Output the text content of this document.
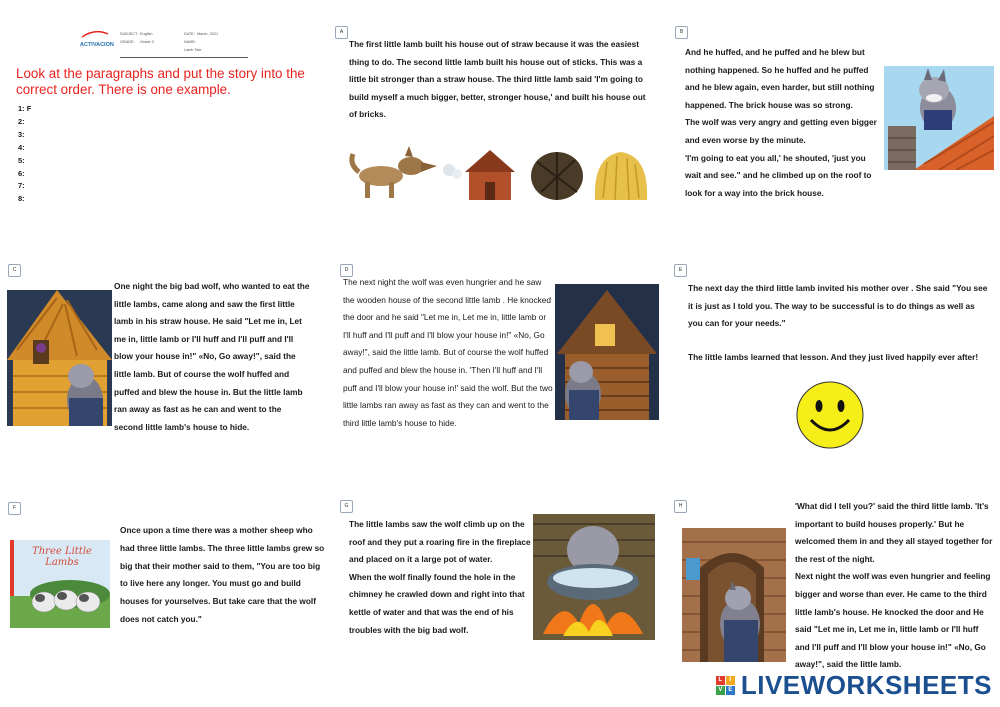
ACTIVACION
SUBJECT: English	DATE: March, 2021
GRADE: Grade 3	NAME:
Lamb Tale

Look at the paragraphs and put the story into the correct order. There is one example.

1: F
2:
3:
4:
5:
6:
7:
8:
A

The first little lamb built his house out of straw because it was the easiest thing to do. The second little lamb built his house out of sticks. This was a little bit stronger than a straw house. The third little lamb said 'I'm going to build myself a much bigger, better, stronger house,' and built his house out of bricks.

B

And he huffed, and he puffed and he blew but nothing happened. So he huffed and he puffed and he blew again, even harder, but still nothing happened. The brick house was so strong.

The wolf was very angry and getting even bigger and even worse by the minute.

'I'm going to eat you all,' he shouted, 'just you wait and see." and he climbed up on the roof to look for a way into the brick house.

C

One night the big bad wolf, who wanted to eat the little lambs, came along and saw the first little lamb in his straw house. He said "Let me in, Let me in, little lamb or I'll huff and I'll puff and I'll blow your house in!" «No, Go away!", said the little lamb. But of course the wolf huffed and puffed and blew the house in. But the little lamb ran away as fast as he can and went to the second little lamb's house to hide.

D

The next night the wolf was even hungrier and he saw the wooden house of the second little lamb . He knocked the door and he said "Let me in, Let me in, little lamb or I'll huff and I'll puff and I'll blow your house in!" «No, Go away!", said the little lamb. But of course the wolf huffed and puffed and blew the house in. 'Then I'll huff and I'll puff and I'll blow your house in!' said the wolf. But the two little lambs ran away as fast as they can and went to the third little lamb's house to hide.

E

The next day the third little lamb invited his mother over . She said "You see it is just as I told you. The way to be successful is to do things as well as you can for your needs."

The little lambs learned that lesson. And they just lived happily ever after!

F
Three Little Lambs

Once upon a time there was a mother sheep who had three little lambs. The three little lambs grew so big that their mother said to them, "You are too big to live here any longer. You must go and build houses for yourselves. But take care that the wolf does not catch you."

G

The little lambs saw the wolf climb up on the roof and they put a roaring fire in the fireplace and placed on it a large pot of water.

When the wolf finally found the hole in the chimney he crawled down and right into that kettle of water and that was the end of his troubles with the big bad wolf.

H	'What did I tell you?' said the third little lamb. 'It's important to build houses properly.' But he welcomed them in and they all stayed together for the rest of the night.

Next night the wolf was even hungrier and feeling bigger and worse than ever. He came to the third little lamb's house. He knocked the door and He said "Let me in, Let me in, little lamb or I'll huff and I'll puff and I'll blow your house in!" «No, Go away!", said the little lamb.

L	I
V E LIVEWORKSHEETS
